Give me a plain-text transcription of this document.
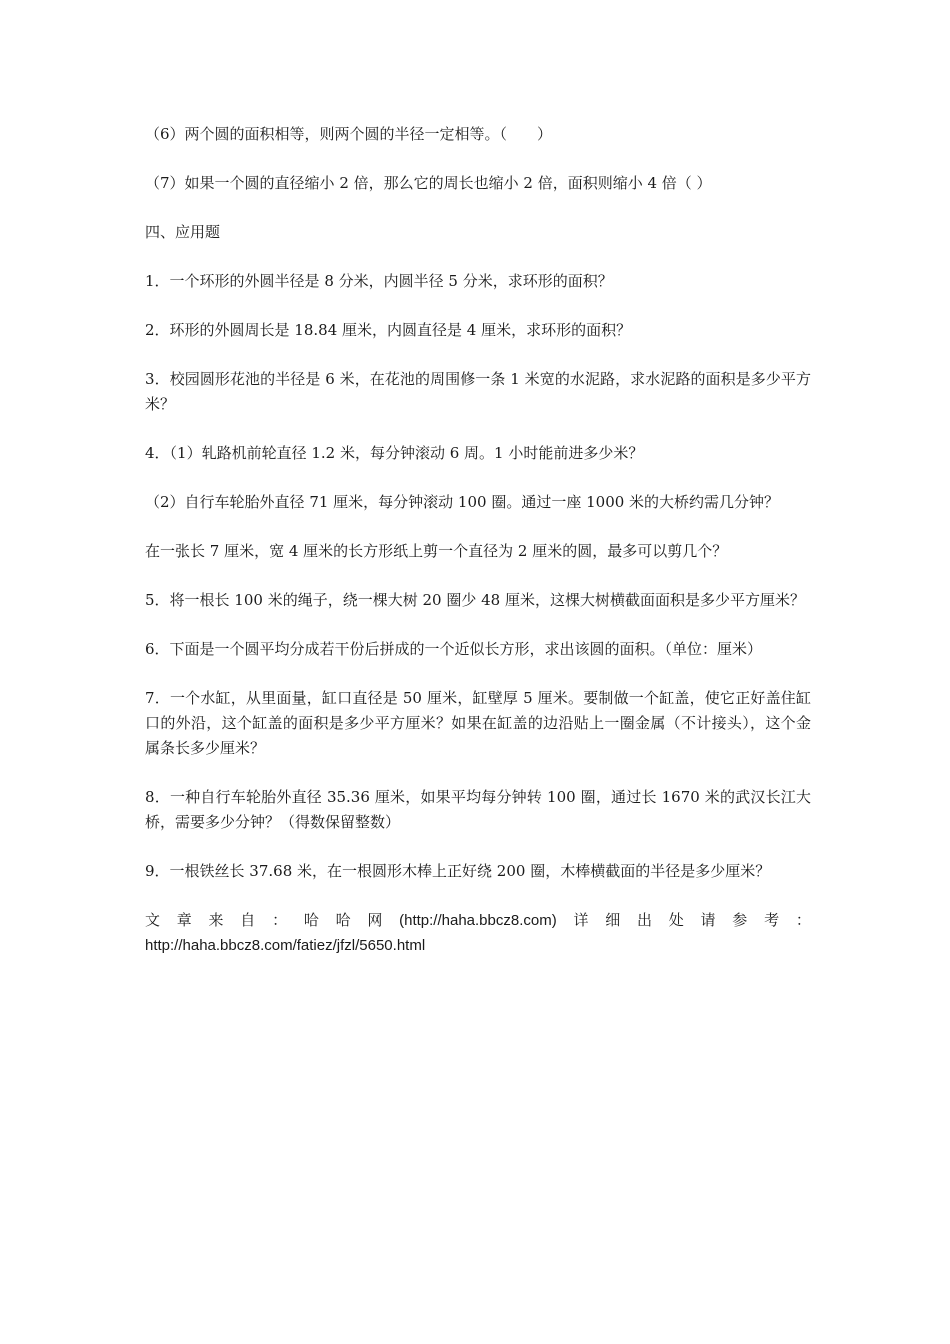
（6）两个圆的面积相等，则两个圆的半径一定相等。（　　）

（7）如果一个圆的直径缩小 2 倍，那么它的周长也缩小 2 倍，面积则缩小 4 倍（ ）

四、应用题

1．一个环形的外圆半径是 8 分米，内圆半径 5 分米，求环形的面积？

2．环形的外圆周长是 18.84 厘米，内圆直径是 4 厘米，求环形的面积？

3．校园圆形花池的半径是 6 米，在花池的周围修一条 1 米宽的水泥路，求水泥路的面积是多少平方米？

4．（1）轧路机前轮直径 1.2 米，每分钟滚动 6 周。1 小时能前进多少米？

（2）自行车轮胎外直径 71 厘米，每分钟滚动 100 圈。通过一座 1000 米的大桥约需几分钟？

在一张长 7 厘米，宽 4 厘米的长方形纸上剪一个直径为 2 厘米的圆，最多可以剪几个？

5．将一根长 100 米的绳子，绕一棵大树 20 圈少 48 厘米，这棵大树横截面面积是多少平方厘米？

6．下面是一个圆平均分成若干份后拼成的一个近似长方形，求出该圆的面积。（单位：厘米）

7．一个水缸，从里面量，缸口直径是 50 厘米，缸壁厚 5 厘米。要制做一个缸盖，使它正好盖住缸口的外沿，这个缸盖的面积是多少平方厘米？如果在缸盖的边沿贴上一圈金属（不计接头），这个金属条长多少厘米？

8．一种自行车轮胎外直径 35.36 厘米，如果平均每分钟转 100 圈，通过长 1670 米的武汉长江大桥，需要多少分钟？（得数保留整数）

9．一根铁丝长 37.68 米，在一根圆形木棒上正好绕 200 圈，木棒横截面的半径是多少厘米？

文 章 来 自 ： 哈 哈 网 (http://haha.bbcz8.com) 详 细 出 处 请 参 考 ：
http://haha.bbcz8.com/fatiez/jfzl/5650.html
